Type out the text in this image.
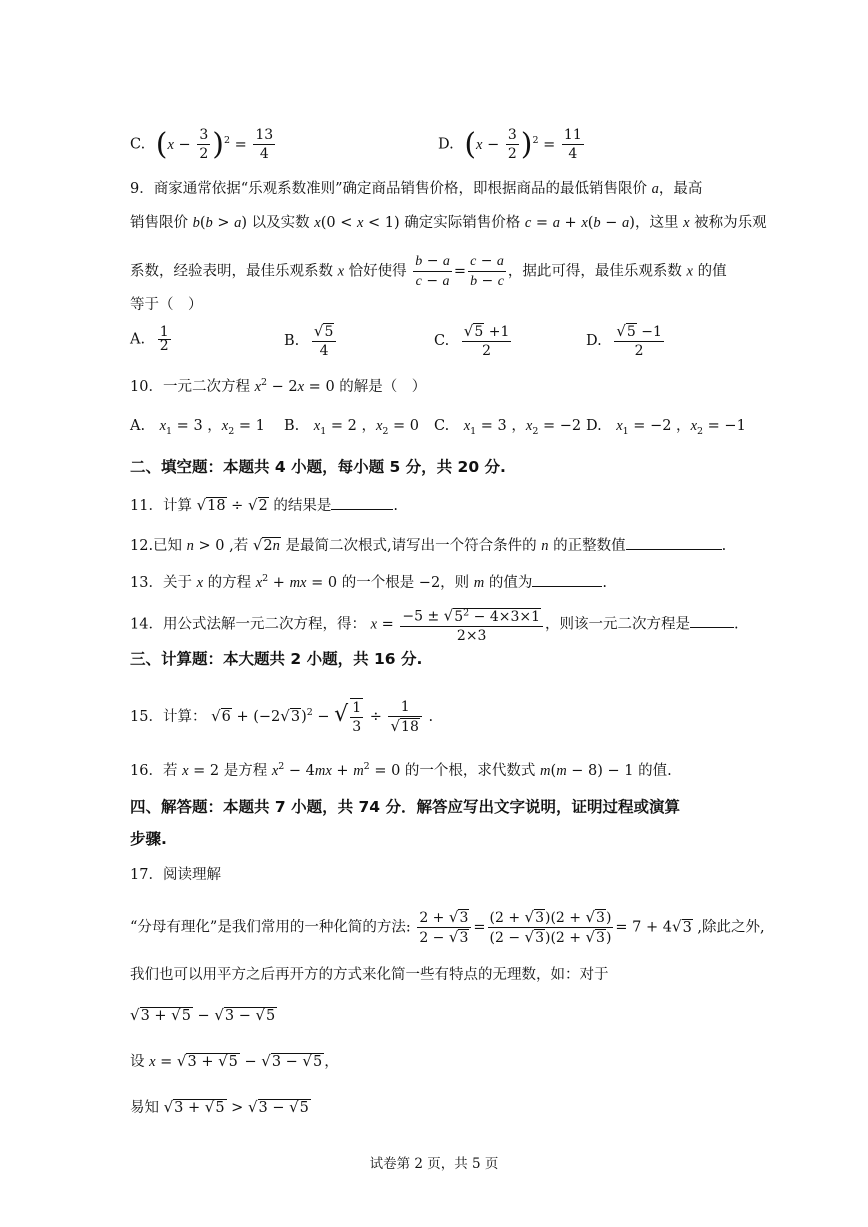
C. $(x - \frac{3}{2} )^2 = \frac{13}{4}$	D. $(x - \frac{3}{2} )^2 = \frac{11}{4}$
9．商家通常依据“乐观系数准则”确定商品销售价格，即根据商品的最低销售限价 a，最高
销售限价 b(b > a) 以及实数 x(0 < x < 1) 确定实际销售价格 c = a + x(b − a)，这里 x 被称为乐观
系数，经验表明，最佳乐观系数 x 恰好使得 $\frac{b - a}{c - a} = \frac{c - a}{b - c}$ ，据此可得，最佳乐观系数 x 的值
等于（　）
A. $\frac{1}{2}$	B. $\frac{√5}{4}$	C. $\frac{√5 +1}{2}$	D. $\frac{√5 -1}{2}$
10．一元二次方程 $x^2 - 2x = 0$ 的解是（　）
A.　$x_1 = 3$ ，$x_2 = 1$ B.　$x_1 = 2$ ，$x_2 = 0$ C.　$x_1 = 3$ ，$x_2 = -2$ D.　$x_1 = -2$ ，$x_2 = -1$
二、填空题：本题共 4 小题，每小题 5 分，共 20 分.
11．计算 √18 ÷ √2 的结果是	.
12.已知 n > 0 ,若 √2n 是最简二次根式,请写出一个符合条件的 n 的正整数值	.
13．关于 x 的方程 $x^2$ + mx = 0 的一个根是 −2，则 m 的值为	.
14．用公式法解一元二次方程，得： $x = \frac{-5 \pm √5^2 - 4\times 3\times 1}{2\times 3}$ ，则该一元二次方程是	.
三、计算题：本大题共 2 小题，共 16 分.
15．计算： $√6 + (-2√3)^2$ − √ $\frac{1}{3} \div \frac{1}{√18}$ .
16．若 x = 2 是方程 $x^2 - 4mx + m^2 = 0$ 的一个根，求代数式 m(m − 8) − 1 的值.
四、解答题：本题共 7 小题，共 74 分．解答应写出文字说明，证明过程或演算
步骤.
17．阅读理解
“分母有理化”是我们常用的一种化简的方法: $\frac{2 + √3}{2 - √3} = \frac{(2 + √3)(2 + √3)}{(2 - √3)(2 + √3)} = 7 + 4√3$ ,除此之外,
我们也可以用平方之后再开方的方式来化简一些有特点的无理数，如：对于
√3 + √5 − √3 − √5
设 x = √3 + √5 − √3 − √5 ，
易知 √3 + √5 > √3 − √5
试卷第 2 页，共 5 页
